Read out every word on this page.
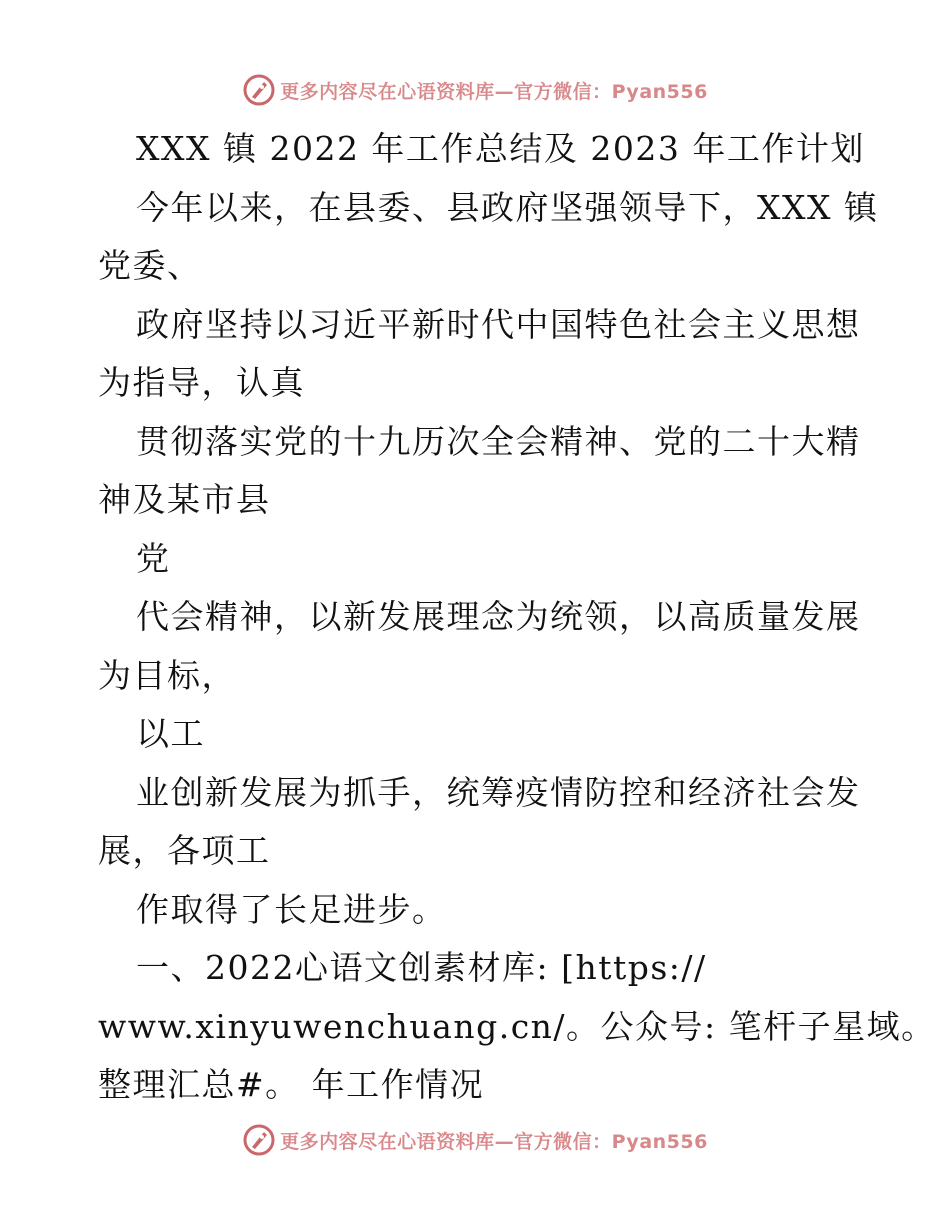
更多内容尽在心语资料库—官方微信：Pyan556
XXX 镇 2022 年工作总结及 2023 年工作计划
今年以来，在县委、县政府坚强领导下，XXX 镇
党委、
政府坚持以习近平新时代中国特色社会主义思想
为指导，认真
贯彻落实党的十九历次全会精神、党的二十大精
神及某市县
党
代会精神，以新发展理念为统领，以高质量发展
为目标，
以工
业创新发展为抓手，统筹疫情防控和经济社会发
展，各项工
作取得了长足进步。
一、2022心语文创素材库: [https://
www.xinyuwenchuang.cn/。公众号: 笔杆子星域。
整理汇总#。 年工作情况
更多内容尽在心语资料库—官方微信：Pyan556
